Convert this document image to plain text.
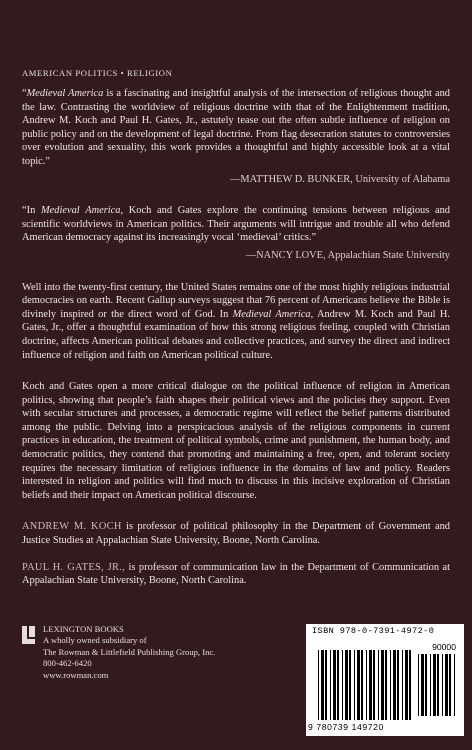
AMERICAN POLITICS • RELIGION

“Medieval America is a fascinating and insightful analysis of the intersection of religious thought and the law. Contrasting the worldview of religious doctrine with that of the Enlightenment tradition, Andrew M. Koch and Paul H. Gates, Jr., astutely tease out the often subtle influence of religion on public policy and on the development of legal doctrine. From flag desecration statutes to controversies over evolution and sexuality, this work provides a thoughtful and highly accessible look at a vital topic.”

—MATTHEW D. BUNKER, University of Alabama

“In Medieval America, Koch and Gates explore the continuing tensions between religious and scientific worldviews in American politics. Their arguments will intrigue and trouble all who defend American democracy against its increasingly vocal ‘medieval’ critics.”

—NANCY LOVE, Appalachian State University

Well into the twenty-first century, the United States remains one of the most highly religious industrial democracies on earth. Recent Gallup surveys suggest that 76 percent of Americans believe the Bible is divinely inspired or the direct word of God. In Medieval America, Andrew M. Koch and Paul H. Gates, Jr., offer a thoughtful examination of how this strong religious feeling, coupled with Christian doctrine, affects American political debates and collective practices, and survey the direct and indirect influence of religion and faith on American political culture.

Koch and Gates open a more critical dialogue on the political influence of religion in American politics, showing that people’s faith shapes their political views and the policies they support. Even with secular structures and processes, a democratic regime will reflect the belief patterns distributed among the public. Delving into a perspicacious analysis of the religious components in current practices in education, the treatment of political symbols, crime and punishment, the human body, and democratic politics, they contend that promoting and maintaining a free, open, and tolerant society requires the necessary limitation of religious influence in the domains of law and policy. Readers interested in religion and politics will find much to discuss in this incisive exploration of Christian beliefs and their impact on American political discourse.

ANDREW M. KOCH is professor of political philosophy in the Department of Government and Justice Studies at Appalachian State University, Boone, North Carolina.

PAUL H. GATES, JR., is professor of communication law in the Department of Communication at Appalachian State University, Boone, North Carolina.

LEXINGTON BOOKS
A wholly owned subsidiary of
The Rowman & Littlefield Publishing Group, Inc.
800-462-6420
www.rowman.com
ISBN 978-0-7391-4972-0
90000
9 780739 149720
